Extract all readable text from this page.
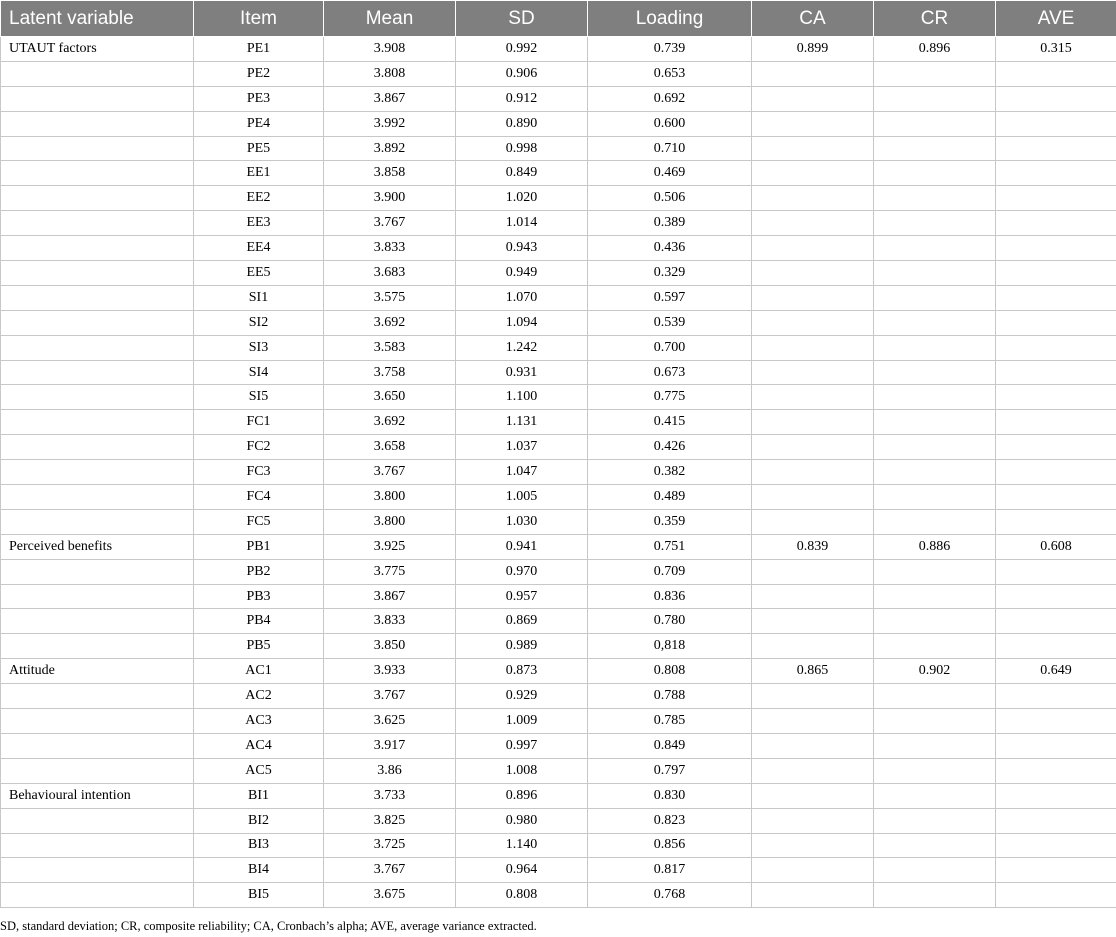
Latent variable	Item	Mean	SD	Loading	CA	CR	AVE
UTAUT factors	PE1	3.908	0.992	0.739	0.899	0.896	0.315
	PE2	3.808	0.906	0.653			
	PE3	3.867	0.912	0.692			
	PE4	3.992	0.890	0.600			
	PE5	3.892	0.998	0.710			
	EE1	3.858	0.849	0.469			
	EE2	3.900	1.020	0.506			
	EE3	3.767	1.014	0.389			
	EE4	3.833	0.943	0.436			
	EE5	3.683	0.949	0.329			
	SI1	3.575	1.070	0.597			
	SI2	3.692	1.094	0.539			
	SI3	3.583	1.242	0.700			
	SI4	3.758	0.931	0.673			
	SI5	3.650	1.100	0.775			
	FC1	3.692	1.131	0.415			
	FC2	3.658	1.037	0.426			
	FC3	3.767	1.047	0.382			
	FC4	3.800	1.005	0.489			
	FC5	3.800	1.030	0.359			
Perceived benefits	PB1	3.925	0.941	0.751	0.839	0.886	0.608
	PB2	3.775	0.970	0.709			
	PB3	3.867	0.957	0.836			
	PB4	3.833	0.869	0.780			
	PB5	3.850	0.989	0,818			
Attitude	AC1	3.933	0.873	0.808	0.865	0.902	0.649
	AC2	3.767	0.929	0.788			
	AC3	3.625	1.009	0.785			
	AC4	3.917	0.997	0.849			
	AC5	3.86	1.008	0.797			
Behavioural intention	BI1	3.733	0.896	0.830			
	BI2	3.825	0.980	0.823			
	BI3	3.725	1.140	0.856			
	BI4	3.767	0.964	0.817			
	BI5	3.675	0.808	0.768			
SD, standard deviation; CR, composite reliability; CA, Cronbach’s alpha; AVE, average variance extracted.
